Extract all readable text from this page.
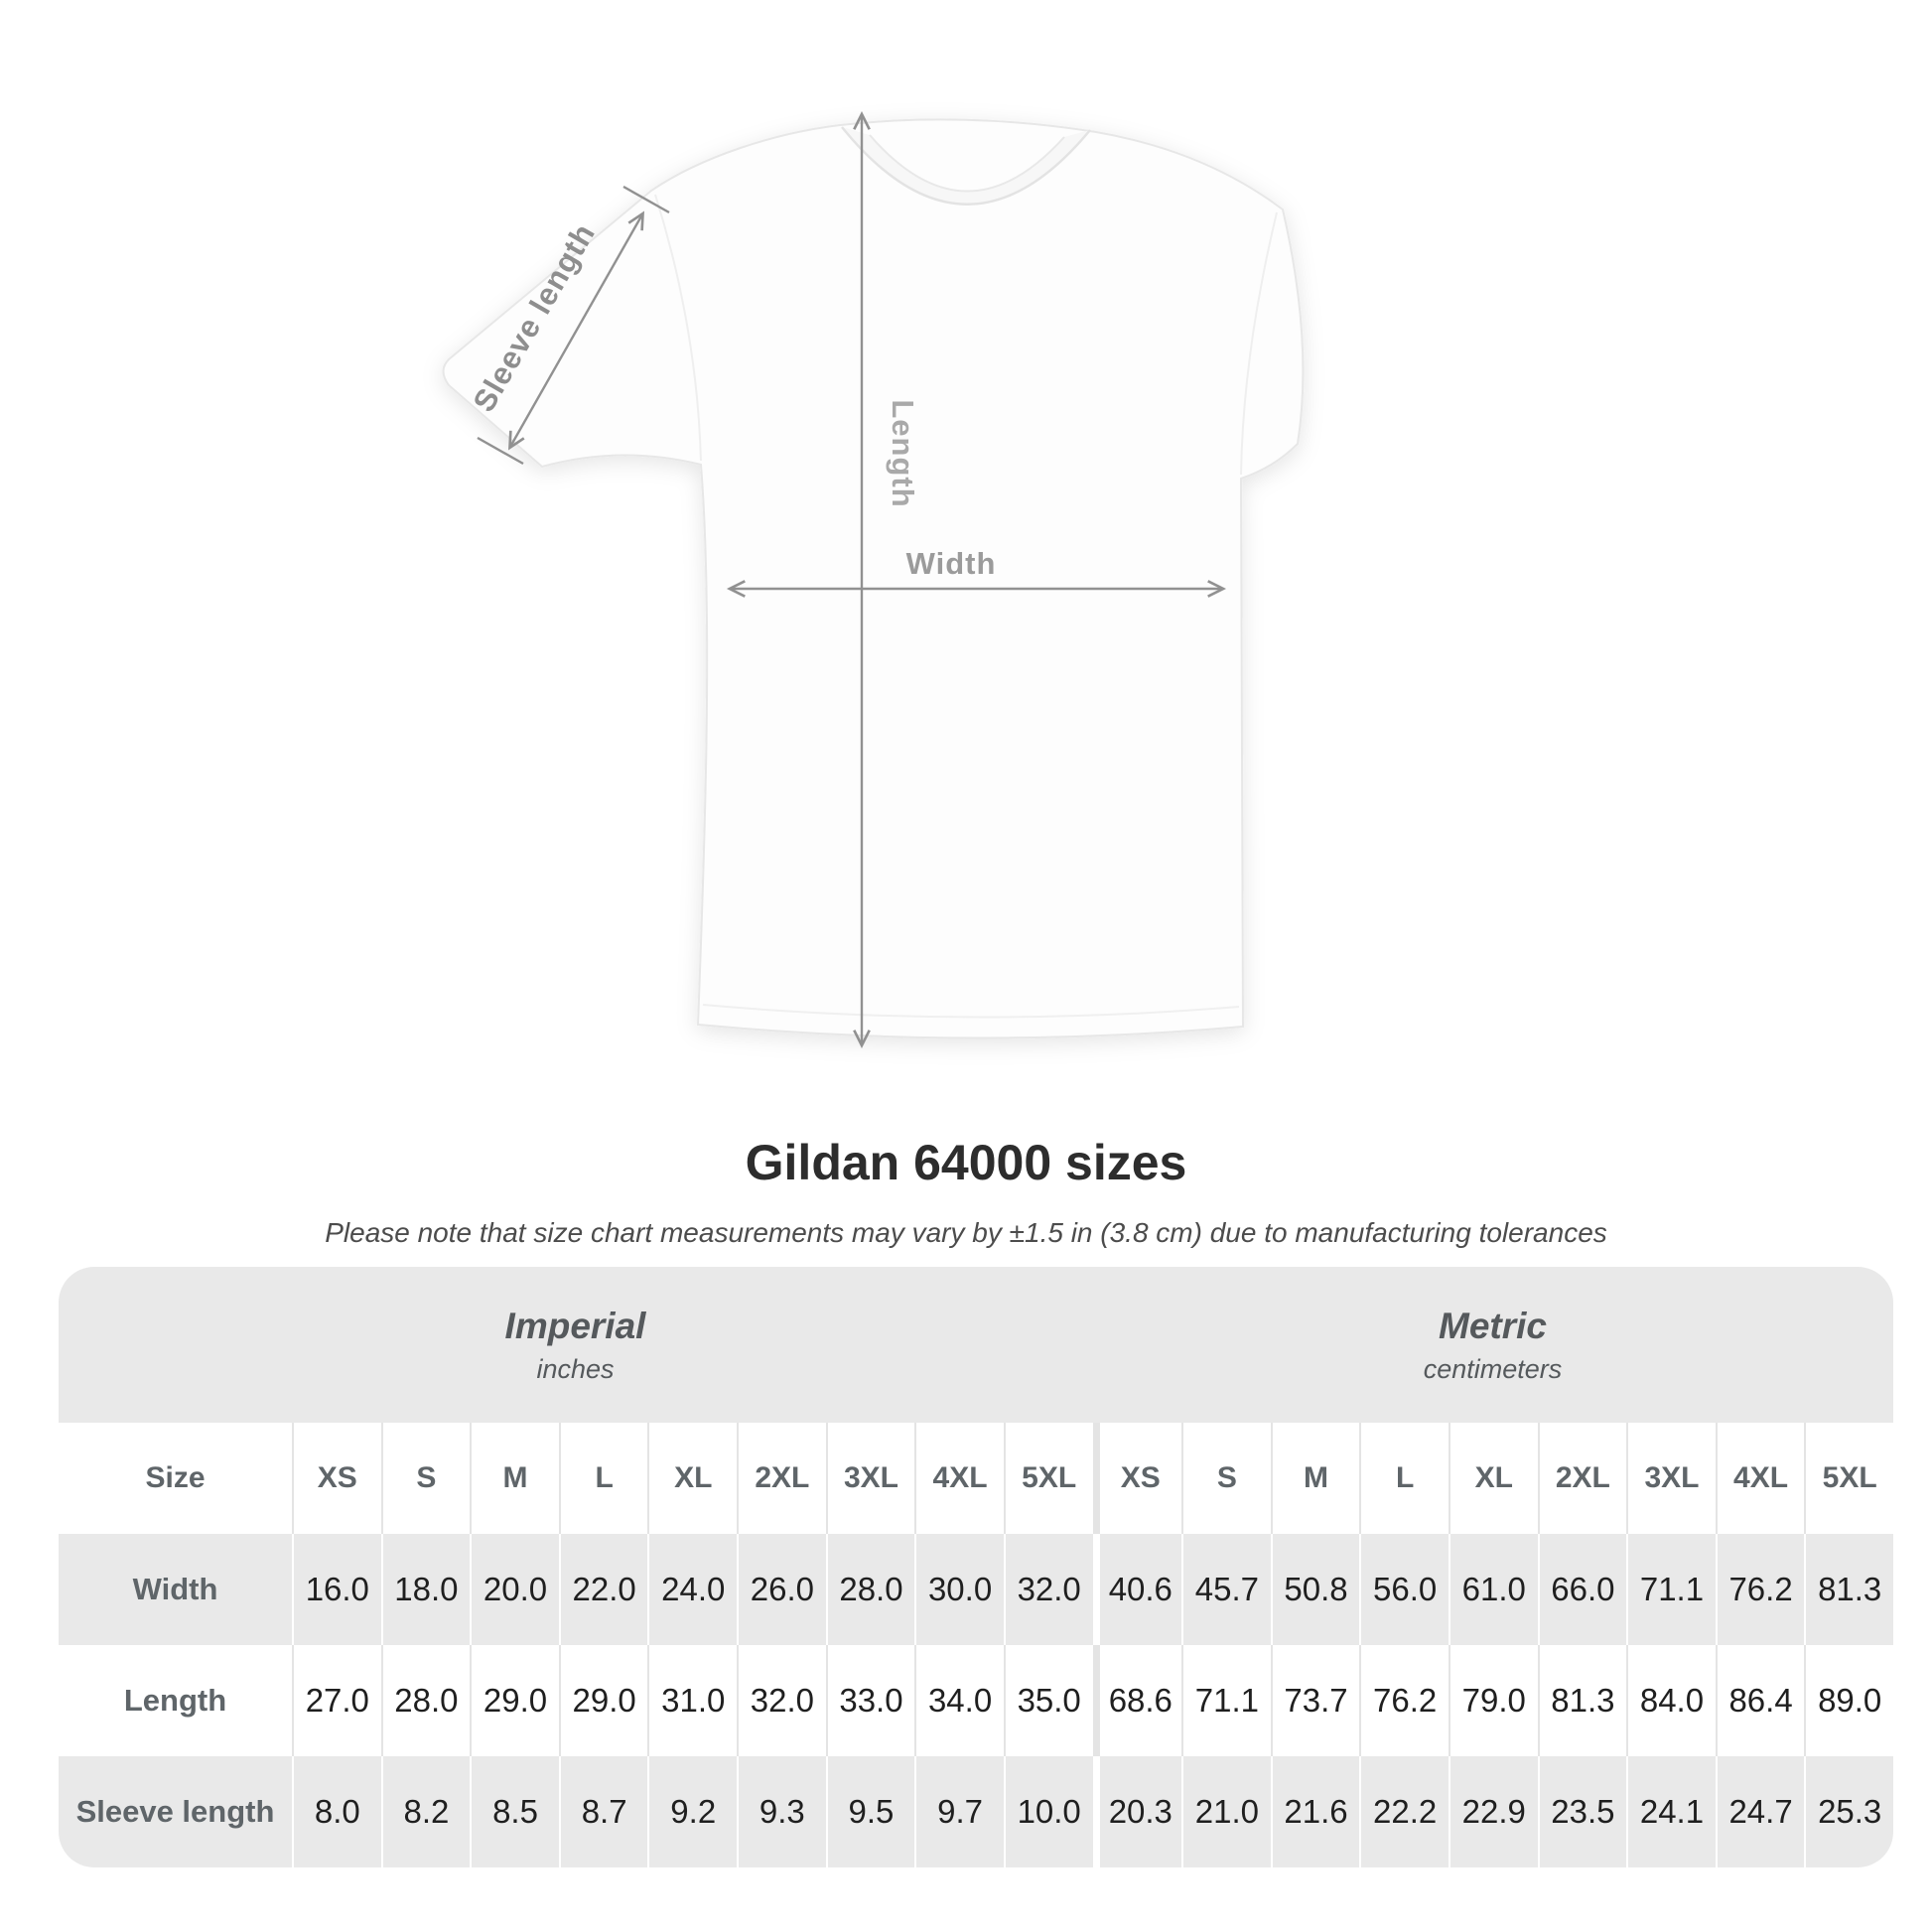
Sleeve length
Length
Width
Gildan 64000 sizes
Please note that size chart measurements may vary by ±1.5 in (3.8 cm) due to manufacturing tolerances
Imperial
inches
Metric
centimeters
Size	XS	S	M	L	XL	2XL	3XL	4XL	5XL	XS	S	M	L	XL	2XL	3XL	4XL	5XL
Width	16.0 18.0 20.0 22.0 24.0 26.0 28.0 30.0 32.0 40.6 45.7 50.8 56.0 61.0 66.0 71.1 76.2 81.3
Length	27.0 28.0 29.0 29.0 31.0 32.0 33.0 34.0 35.0 68.6 71.1 73.7 76.2 79.0 81.3 84.0 86.4 89.0
Sleeve length	8.0	8.2	8.5	8.7	9.2	9.3	9.5	9.7	10.0 20.3 21.0 21.6 22.2 22.9 23.5 24.1 24.7 25.3
